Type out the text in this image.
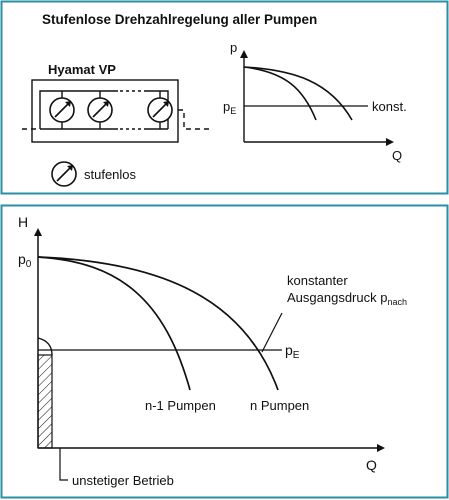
Stufenlose Drehzahlregelung aller Pumpen
Hyamat VP
stufenlos
p
Q
$p_E$	konst.
H
Q
$p_0$
$p_E$
konstanter
Ausgangsdruck $p_{nach}$
n-1 Pumpen	n Pumpen
unstetiger Betrieb
